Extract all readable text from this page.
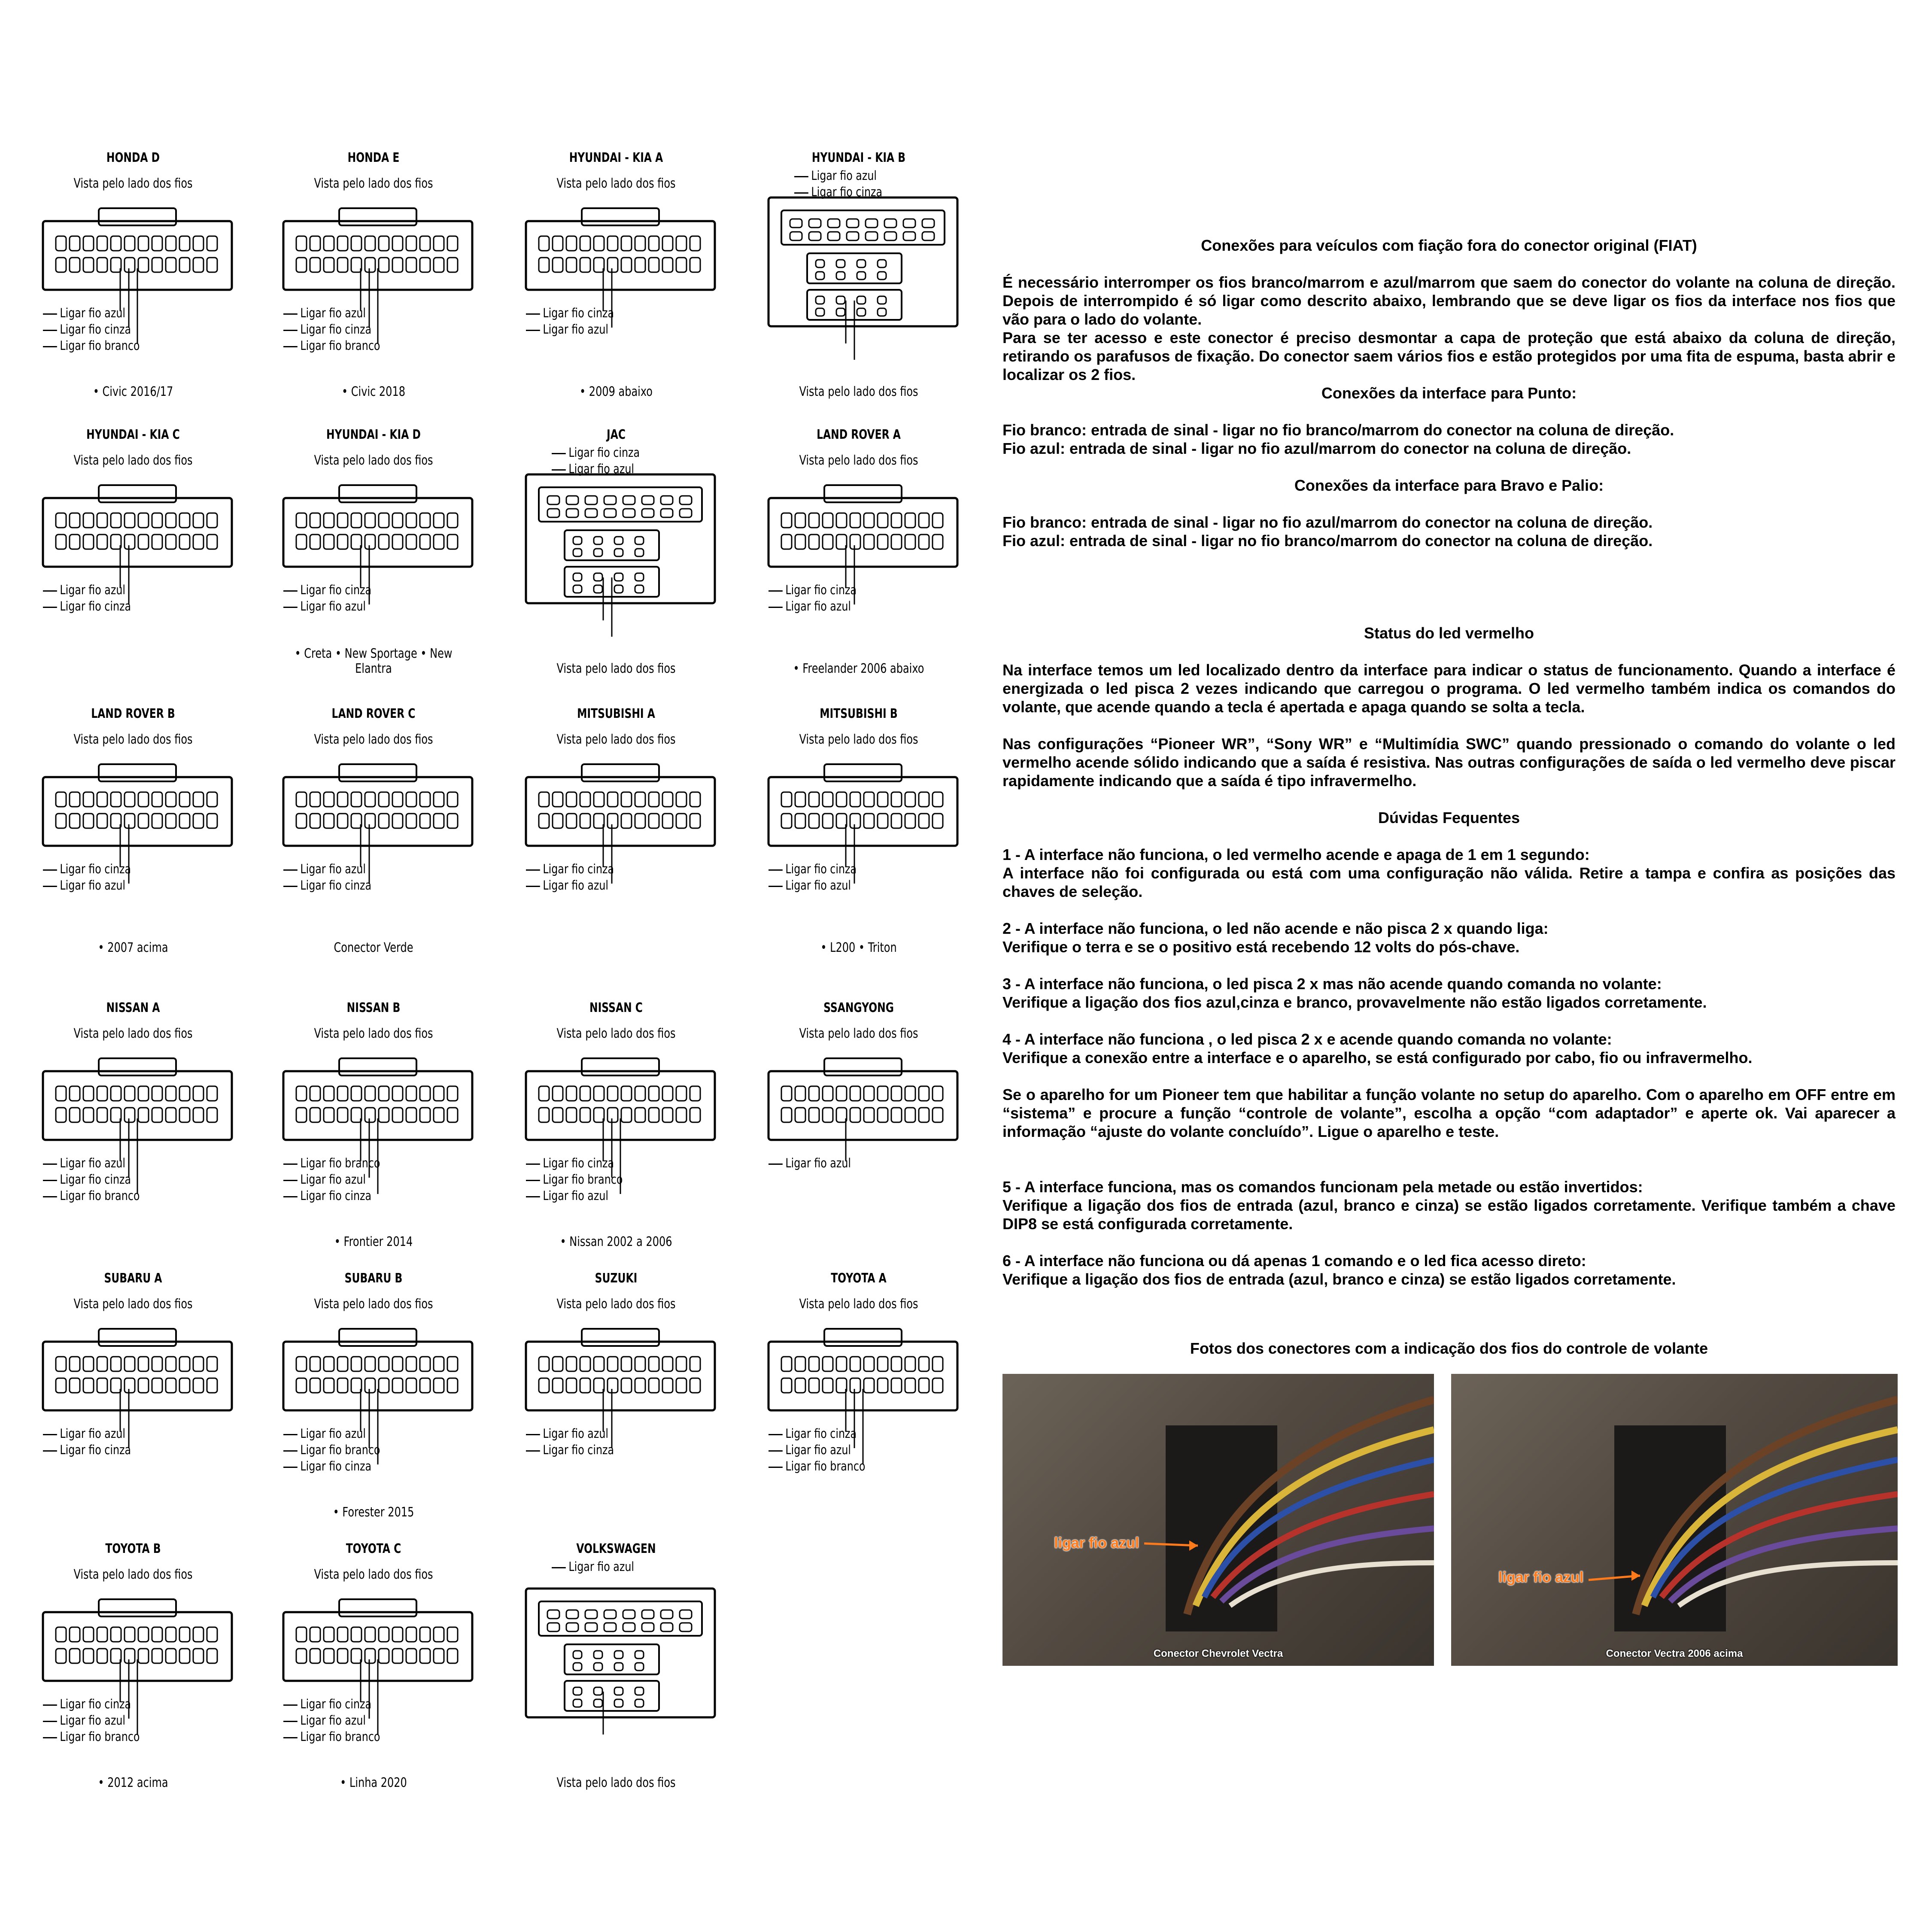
HONDA D
Vista pelo lado dos fios
Ligar fio azul
Ligar fio cinza
Ligar fio branco
• Civic 2016/17
HONDA E
Vista pelo lado dos fios
Ligar fio azul
Ligar fio cinza
Ligar fio branco
• Civic 2018
HYUNDAI - KIA A
Vista pelo lado dos fios
Ligar fio cinza
Ligar fio azul
• 2009 abaixo
HYUNDAI - KIA B
Vista pelo lado dos fios
Ligar fio azul
Ligar fio cinza
HYUNDAI - KIA C
Vista pelo lado dos fios
Ligar fio azul
Ligar fio cinza
HYUNDAI - KIA D
Vista pelo lado dos fios
Ligar fio cinza
Ligar fio azul
• Creta • New Sportage • New Elantra
JAC
Vista pelo lado dos fios
Ligar fio cinza
Ligar fio azul
LAND ROVER A
Vista pelo lado dos fios
Ligar fio cinza
Ligar fio azul
• Freelander 2006 abaixo
LAND ROVER B
Vista pelo lado dos fios
Ligar fio cinza
Ligar fio azul
• 2007 acima
LAND ROVER C
Vista pelo lado dos fios
Ligar fio azul
Ligar fio cinza
Conector Verde
MITSUBISHI A
Vista pelo lado dos fios
Ligar fio cinza
Ligar fio azul
MITSUBISHI B
Vista pelo lado dos fios
Ligar fio cinza
Ligar fio azul
• L200 • Triton
NISSAN A
Vista pelo lado dos fios
Ligar fio azul
Ligar fio cinza
Ligar fio branco
NISSAN B
Vista pelo lado dos fios
Ligar fio branco
Ligar fio azul
Ligar fio cinza
• Frontier 2014
NISSAN C
Vista pelo lado dos fios
Ligar fio cinza
Ligar fio branco
Ligar fio azul
• Nissan 2002 a 2006
SSANGYONG
Vista pelo lado dos fios
Ligar fio azul
SUBARU A
Vista pelo lado dos fios
Ligar fio azul
Ligar fio cinza
SUBARU B
Vista pelo lado dos fios
Ligar fio azul
Ligar fio branco
Ligar fio cinza
• Forester 2015
SUZUKI
Vista pelo lado dos fios
Ligar fio azul
Ligar fio cinza
TOYOTA A
Vista pelo lado dos fios
Ligar fio cinza
Ligar fio azul
Ligar fio branco
TOYOTA B
Vista pelo lado dos fios
Ligar fio cinza
Ligar fio azul
Ligar fio branco
• 2012 acima
TOYOTA C
Vista pelo lado dos fios
Ligar fio cinza
Ligar fio azul
Ligar fio branco
• Linha 2020
VOLKSWAGEN
Vista pelo lado dos fios
Ligar fio azul
Conexões para veículos com fiação fora do conector original (FIAT)

É necessário interromper os fios branco/marrom e azul/marrom que saem do conector do volante na coluna de direção. Depois de interrompido é só ligar como descrito abaixo, lembrando que se deve ligar os fios da interface nos fios que vão para o lado do volante.

Para se ter acesso e este conector é preciso desmontar a capa de proteção que está abaixo da coluna de direção, retirando os parafusos de fixação. Do conector saem vários fios e estão protegidos por uma fita de espuma, basta abrir e localizar os 2 fios.

Conexões da interface para Punto:

Fio branco: entrada de sinal - ligar no fio branco/marrom do conector na coluna de direção.

Fio azul: entrada de sinal - ligar no fio azul/marrom do conector na coluna de direção.

Conexões da interface para Bravo e Palio:

Fio branco: entrada de sinal - ligar no fio azul/marrom do conector na coluna de direção.

Fio azul: entrada de sinal - ligar no fio branco/marrom do conector na coluna de direção.

Status do led vermelho

Na interface temos um led localizado dentro da interface para indicar o status de funcionamento. Quando a interface é energizada o led pisca 2 vezes indicando que carregou o programa. O led vermelho também indica os comandos do volante, que acende quando a tecla é apertada e apaga quando se solta a tecla.

Nas configurações “Pioneer WR”, “Sony WR” e “Multimídia SWC” quando pressionado o comando do volante o led vermelho acende sólido indicando que a saída é resistiva. Nas outras configurações de saída o led vermelho deve piscar rapidamente indicando que a saída é tipo infravermelho.

Dúvidas Fequentes

1 - A interface não funciona, o led vermelho acende e apaga de 1 em 1 segundo:

A interface não foi configurada ou está com uma configuração não válida. Retire a tampa e confira as posições das chaves de seleção.

2 - A interface não funciona, o led não acende e não pisca 2 x quando liga:

Verifique o terra e se o positivo está recebendo 12 volts do pós-chave.

3 - A interface não funciona, o led pisca 2 x mas não acende quando comanda no volante:

Verifique a ligação dos fios azul,cinza e branco, provavelmente não estão ligados corretamente.

4 - A interface não funciona , o led pisca 2 x e acende quando comanda no volante:

Verifique a conexão entre a interface e o aparelho, se está configurado por cabo, fio ou infravermelho.

Se o aparelho for um Pioneer tem que habilitar a função volante no setup do aparelho. Com o aparelho em OFF entre em “sistema” e procure a função “controle de volante”, escolha a opção “com adaptador” e aperte ok. Vai aparecer a informação “ajuste do volante concluído”. Ligue o aparelho e teste.

5 - A interface funciona, mas os comandos funcionam pela metade ou estão invertidos:

Verifique a ligação dos fios de entrada (azul, branco e cinza) se estão ligados corretamente. Verifique também a chave DIP8 se está configurada corretamente.

6 - A interface não funciona ou dá apenas 1 comando e o led fica acesso direto:

Verifique a ligação dos fios de entrada (azul, branco e cinza) se estão ligados corretamente.

Fotos dos conectores com a indicação dos fios do controle de volante
ligar fio azul
Conector Chevrolet Vectra
ligar fio azul
Conector Vectra 2006 acima
